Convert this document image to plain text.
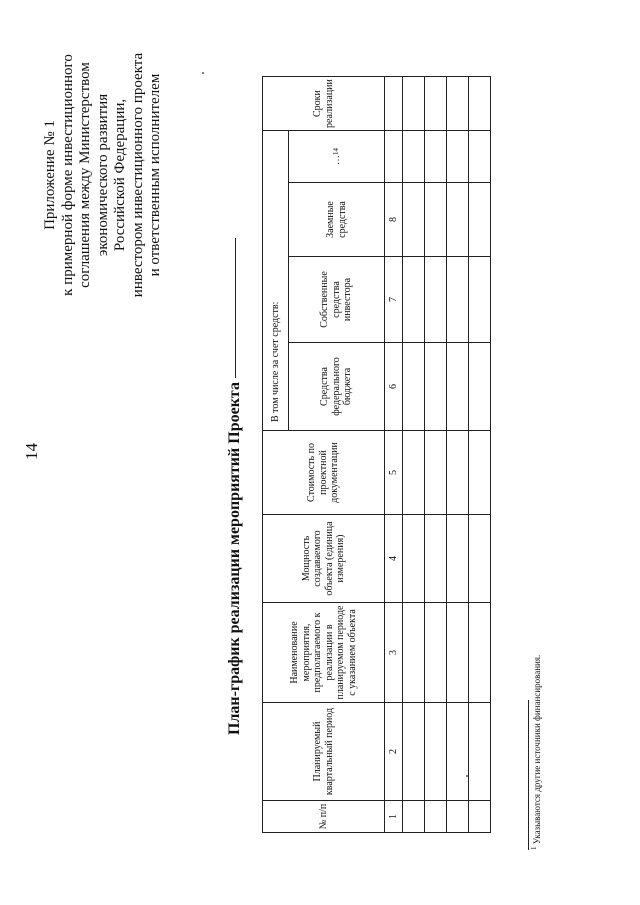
14
Приложение № 1 к примерной форме инвестиционного соглашения между Министерством экономического развития Российской Федерации, инвестором инвестиционного проекта и ответственным исполнителем
План-график реализации мероприятий Проекта
№ п/п	Планируемый квартальный период	Наименование мероприятия, предполагаемого к реализации в планируемом периоде с указанием объекта	Мощность создаваемого объекта (единица измерения)	Стоимость по проектной документации	В том числе за счет средств:				Сроки реализации
					Средства федерального бюджета	Собственные средства инвестора	Заемные средства	…$^{14}$
1	2	3	4	5	6	7	8		

$^1$ Указываются другие источники финансирования.
